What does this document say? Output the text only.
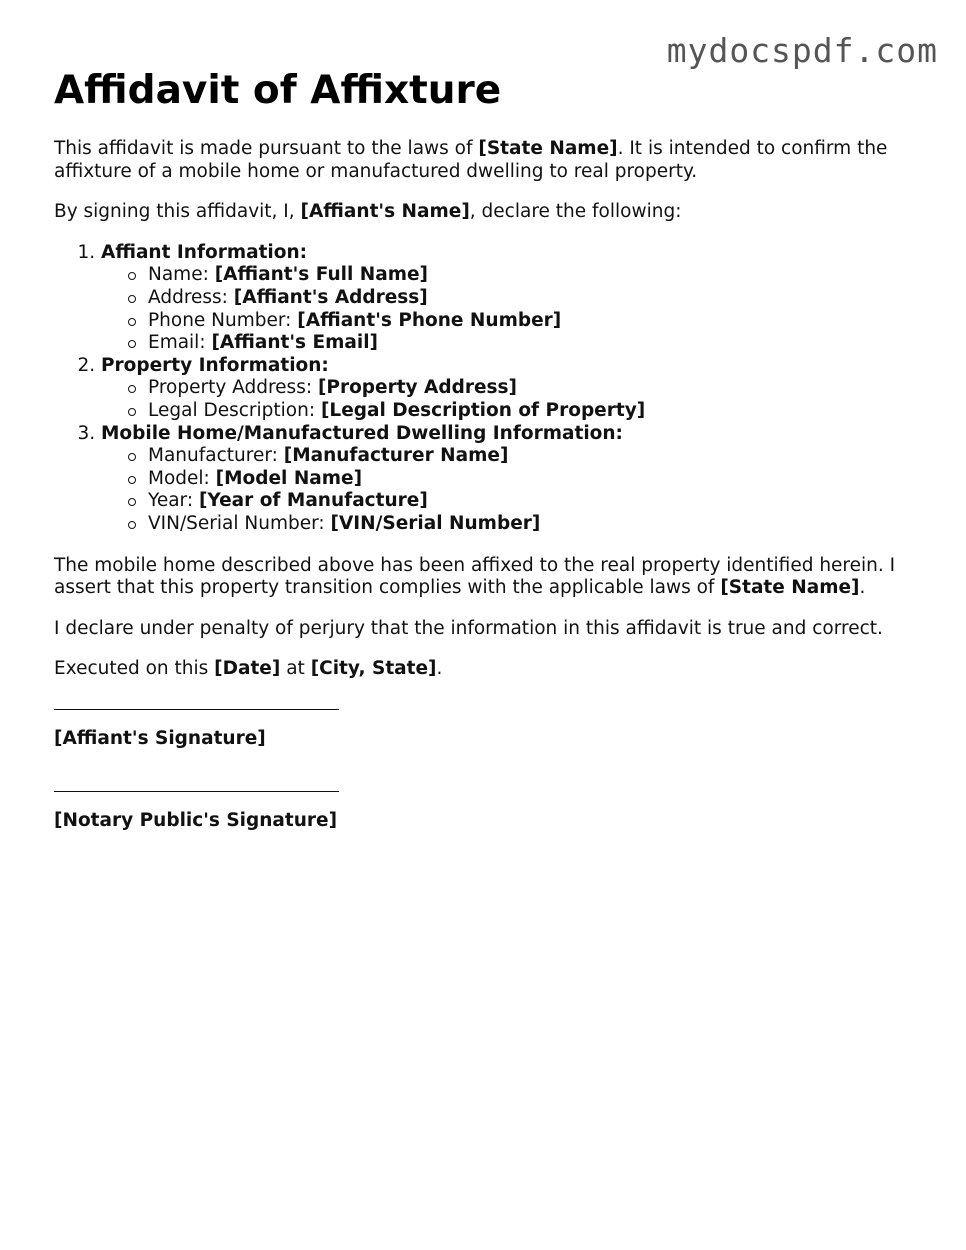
mydocspdf.com
Affidavit of Affixture

This affidavit is made pursuant to the laws of [State Name]. It is intended to confirm the affixture of a mobile home or manufactured dwelling to real property.

By signing this affidavit, I, [Affiant's Name], declare the following:

1. Affiant Information:
Name: [Affiant's Full Name]
Address: [Affiant's Address]
Phone Number: [Affiant's Phone Number]
Email: [Affiant's Email]
2. Property Information:
Property Address: [Property Address]
Legal Description: [Legal Description of Property]
3. Mobile Home/Manufactured Dwelling Information:
Manufacturer: [Manufacturer Name]
Model: [Model Name]
Year: [Year of Manufacture]
VIN/Serial Number: [VIN/Serial Number]

The mobile home described above has been affixed to the real property identified herein. I assert that this property transition complies with the applicable laws of [State Name].

I declare under penalty of perjury that the information in this affidavit is true and correct.

Executed on this [Date] at [City, State].

[Affiant's Signature]
[Notary Public's Signature]
